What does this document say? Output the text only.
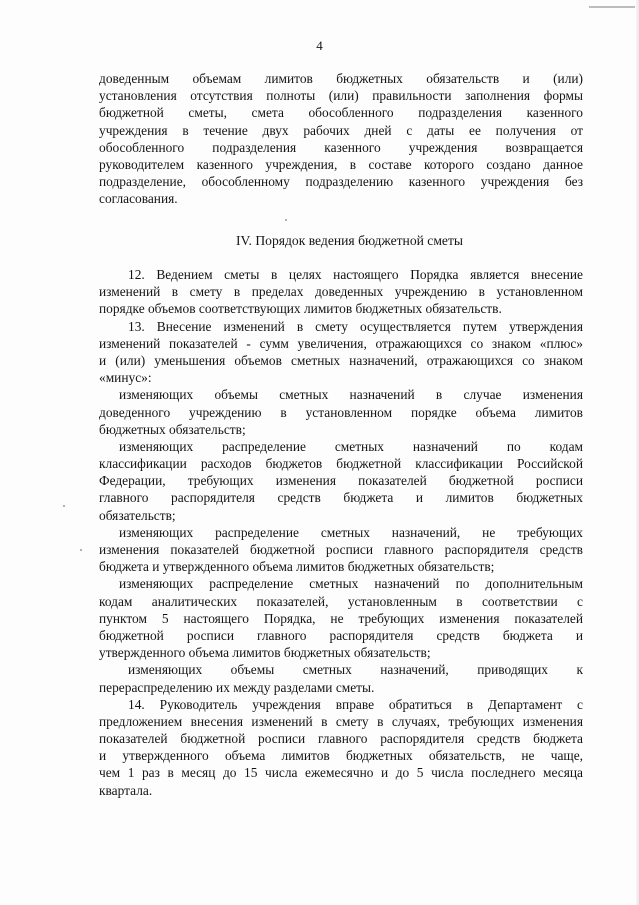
4
доведенным объемам лимитов бюджетных обязательств и (или)
установления отсутствия полноты (или) правильности заполнения формы
бюджетной сметы, смета обособленного подразделения казенного
учреждения в течение двух рабочих дней с даты ее получения от
обособленного подразделения казенного учреждения возвращается
руководителем казенного учреждения, в составе которого создано данное
подразделение, обособленному подразделению казенного учреждения без
согласования.
IV. Порядок ведения бюджетной сметы
12. Ведением сметы в целях настоящего Порядка является внесение
изменений в смету в пределах доведенных учреждению в установленном
порядке объемов соответствующих лимитов бюджетных обязательств.
13. Внесение изменений в смету осуществляется путем утверждения
изменений показателей - сумм увеличения, отражающихся со знаком «плюс»
и (или) уменьшения объемов сметных назначений, отражающихся со знаком
«минус»:
изменяющих объемы сметных назначений в случае изменения
доведенного учреждению в установленном порядке объема лимитов
бюджетных обязательств;
изменяющих распределение сметных назначений по кодам
классификации расходов бюджетов бюджетной классификации Российской
Федерации, требующих изменения показателей бюджетной росписи
главного распорядителя средств бюджета и лимитов бюджетных
обязательств;
изменяющих распределение сметных назначений, не требующих
изменения показателей бюджетной росписи главного распорядителя средств
бюджета и утвержденного объема лимитов бюджетных обязательств;
изменяющих распределение сметных назначений по дополнительным
кодам аналитических показателей, установленным в соответствии с
пунктом 5 настоящего Порядка, не требующих изменения показателей
бюджетной росписи главного распорядителя средств бюджета и
утвержденного объема лимитов бюджетных обязательств;
изменяющих объемы сметных назначений, приводящих к
перераспределению их между разделами сметы.
14. Руководитель учреждения вправе обратиться в Департамент с
предложением внесения изменений в смету в случаях, требующих изменения
показателей бюджетной росписи главного распорядителя средств бюджета
и утвержденного объема лимитов бюджетных обязательств, не чаще,
чем 1 раз в месяц до 15 числа ежемесячно и до 5 числа последнего месяца
квартала.
